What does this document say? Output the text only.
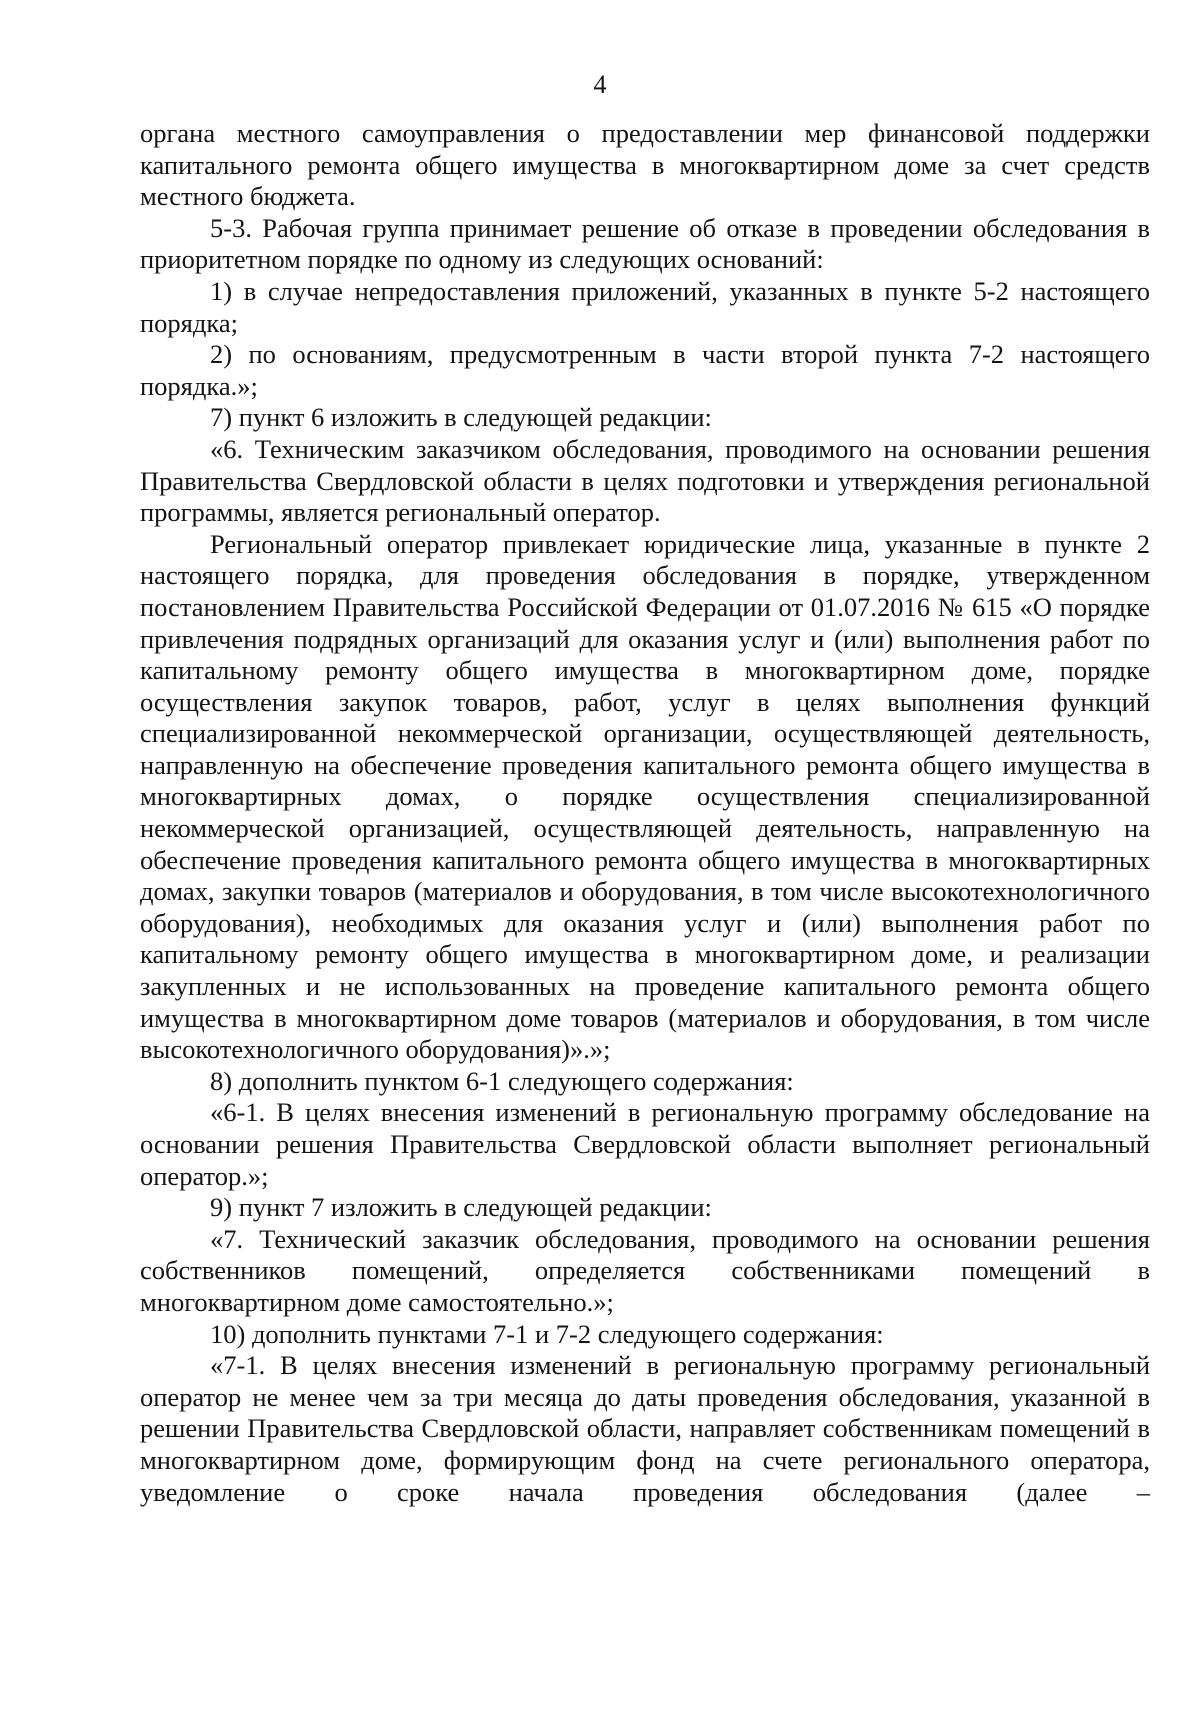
4

органа местного самоуправления о предоставлении мер финансовой поддержки капитального ремонта общего имущества в многоквартирном доме за счет средств местного бюджета.

5-3. Рабочая группа принимает решение об отказе в проведении обследования в приоритетном порядке по одному из следующих оснований:

1) в случае непредоставления приложений, указанных в пункте 5-2 настоящего порядка;

2) по основаниям, предусмотренным в части второй пункта 7-2 настоящего порядка.»;

7) пункт 6 изложить в следующей редакции:

«6. Техническим заказчиком обследования, проводимого на основании решения Правительства Свердловской области в целях подготовки и утверждения региональной программы, является региональный оператор.

Региональный оператор привлекает юридические лица, указанные в пункте 2 настоящего порядка, для проведения обследования в порядке, утвержденном постановлением Правительства Российской Федерации от 01.07.2016 № 615 «О порядке привлечения подрядных организаций для оказания услуг и (или) выполнения работ по капитальному ремонту общего имущества в многоквартирном доме, порядке осуществления закупок товаров, работ, услуг в целях выполнения функций специализированной некоммерческой организации, осуществляющей деятельность, направленную на обеспечение проведения капитального ремонта общего имущества в многоквартирных домах, о порядке осуществления специализированной некоммерческой организацией, осуществляющей деятельность, направленную на обеспечение проведения капитального ремонта общего имущества в многоквартирных домах, закупки товаров (материалов и оборудования, в том числе высокотехнологичного оборудования), необходимых для оказания услуг и (или) выполнения работ по капитальному ремонту общего имущества в многоквартирном доме, и реализации закупленных и не использованных на проведение капитального ремонта общего имущества в многоквартирном доме товаров (материалов и оборудования, в том числе высокотехнологичного оборудования)».»;

8) дополнить пунктом 6-1 следующего содержания:

«6-1. В целях внесения изменений в региональную программу обследование на основании решения Правительства Свердловской области выполняет региональный оператор.»;

9) пункт 7 изложить в следующей редакции:

«7. Технический заказчик обследования, проводимого на основании решения собственников помещений, определяется собственниками помещений в многоквартирном доме самостоятельно.»;

10) дополнить пунктами 7-1 и 7-2 следующего содержания:

«7-1. В целях внесения изменений в региональную программу региональный оператор не менее чем за три месяца до даты проведения обследования, указанной в решении Правительства Свердловской области, направляет собственникам помещений в многоквартирном доме, формирующим фонд на счете регионального оператора, уведомление о сроке начала проведения обследования (далее –
